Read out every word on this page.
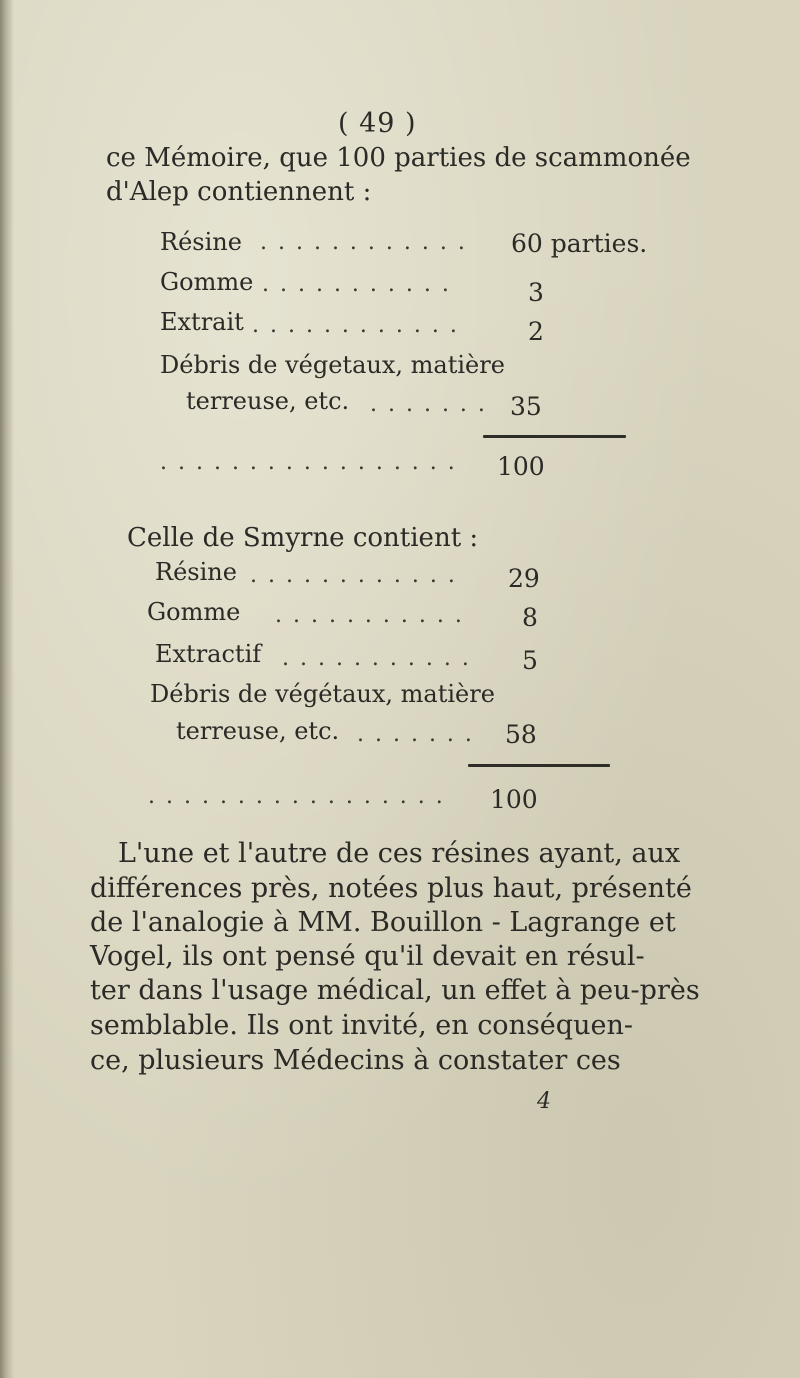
( 49 )
ce Mémoire, que 100 parties de scammonée
d'Alep contiennent :
Résine . . . . . . . . . . . . 60 parties.
Gomme . . . . . . . . . . .	3
Extrait . . . . . . . . . . . .	2
Débris de végetaux, matière
terreuse, etc. . . . . . . . 35
. . . . . . . . . . . . . . . . . 100
Celle de Smyrne contient :
Résine . . . . . . . . . . . . 29
Gomme . . . . . . . . . . . 8
Extractif . . . . . . . . . . . 5
Débris de végétaux, matière
terreuse, etc. . . . . . . . 58
. . . . . . . . . . . . . . . . . 100
L'une et l'autre de ces résines ayant, aux
différences près, notées plus haut, présenté
de l'analogie à MM. Bouillon - Lagrange et
Vogel, ils ont pensé qu'il devait en résul-
ter dans l'usage médical, un effet à peu-près
semblable. Ils ont invité, en conséquen-
ce, plusieurs Médecins à constater ces
4
